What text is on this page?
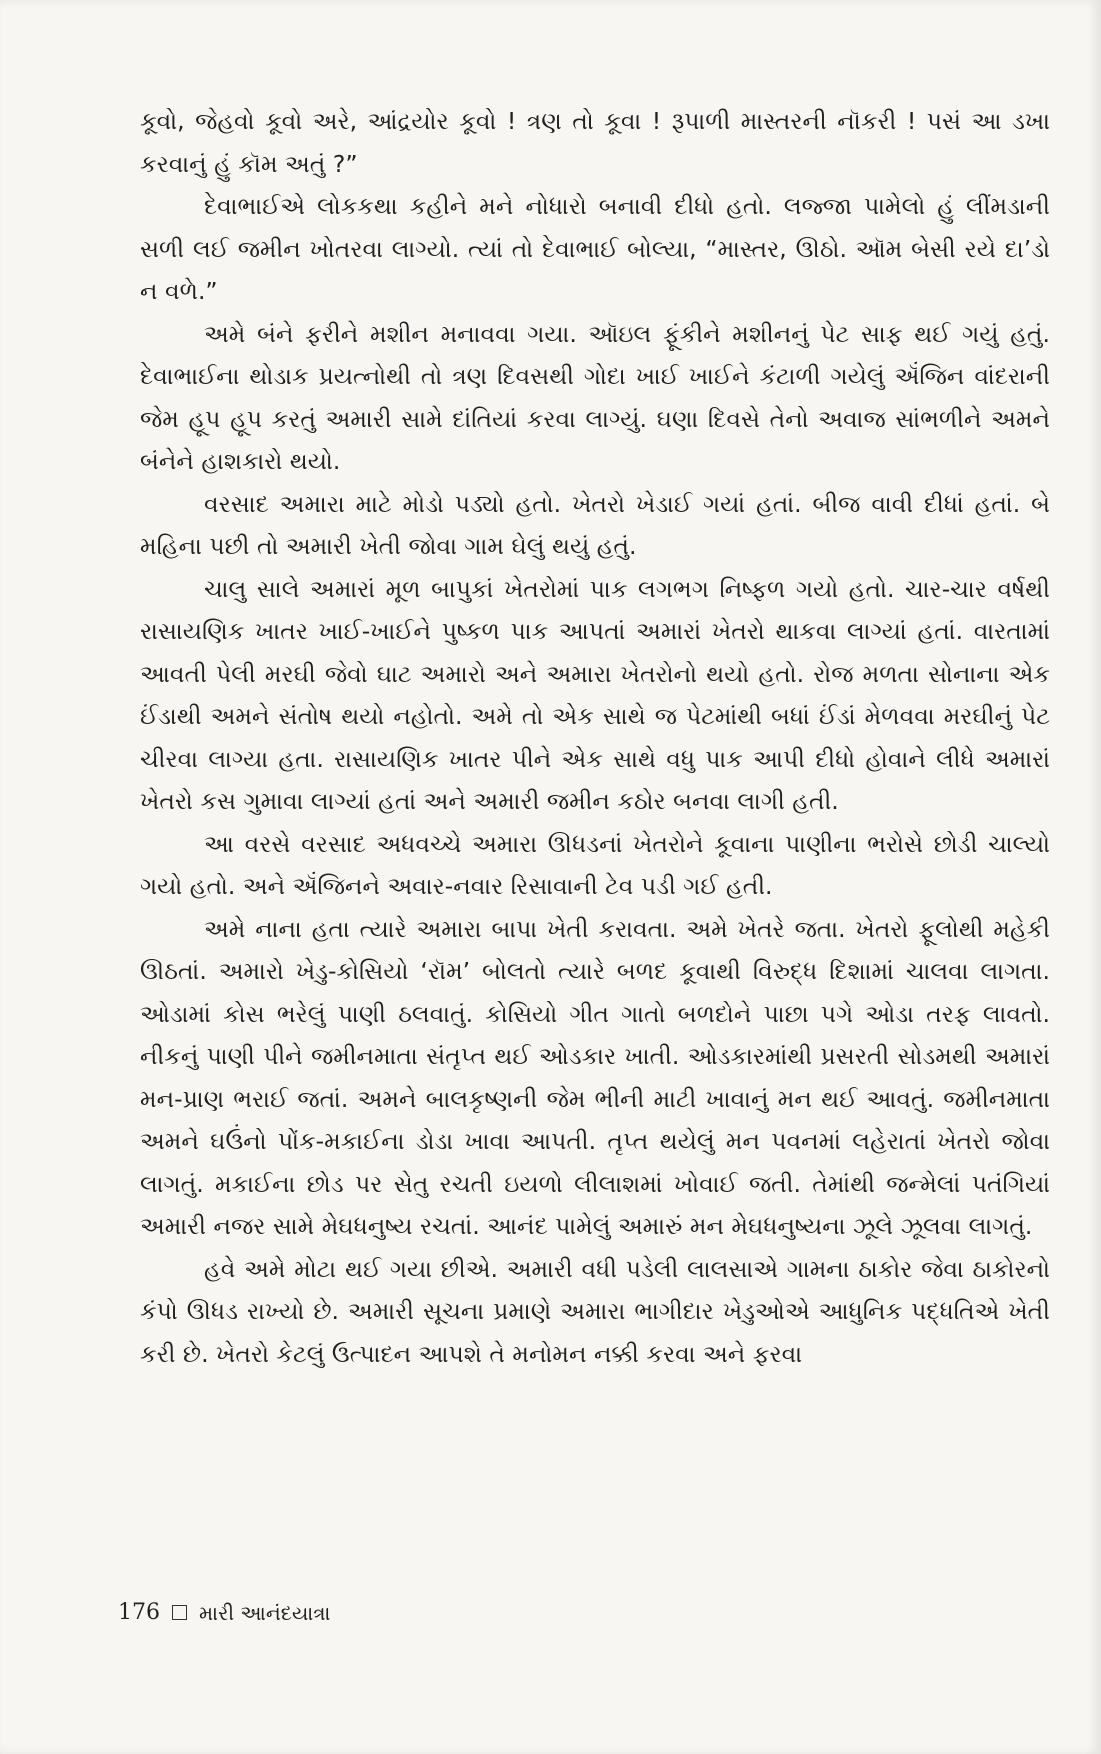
કૂવો, જેહવો કૂવો અરે, આંદ્રયોર કૂવો ! ત્રણ તો કૂવા ! રૂપાળી માસ્તરની નૉકરી ! પસં આ ડખા કરવાનું હું કૉમ અતું ?”

દેવાભાઈએ લોકકથા કહીને મને નોધારો બનાવી દીધો હતો. લજ્જા પામેલો હું લીંમડાની સળી લઈ જમીન ખોતરવા લાગ્યો. ત્યાં તો દેવાભાઈ બોલ્યા, “માસ્તર, ઊઠો. ઑમ બેસી રયે દા’ડો ન વળે.”

અમે બંને ફરીને મશીન મનાવવા ગયા. ઑઇલ ફૂંકીને મશીનનું પેટ સાફ થઈ ગયું હતું. દેવાભાઈના થોડાક પ્રયત્નોથી તો ત્રણ દિવસથી ગોદા ખાઈ ખાઈને કંટાળી ગયેલું ઍંજિન વાંદરાની જેમ હૂપ હૂપ કરતું અમારી સામે દાંતિયાં કરવા લાગ્યું. ઘણા દિવસે તેનો અવાજ સાંભળીને અમને બંનેને હાશકારો થયો.

વરસાદ અમારા માટે મોડો પડ્યો હતો. ખેતરો ખેડાઈ ગયાં હતાં. બીજ વાવી દીધાં હતાં. બે મહિના પછી તો અમારી ખેતી જોવા ગામ ઘેલું થયું હતું.

ચાલુ સાલે અમારાં મૂળ બાપુકાં ખેતરોમાં પાક લગભગ નિષ્ફળ ગયો હતો. ચાર-ચાર વર્ષથી રાસાયણિક ખાતર ખાઈ-ખાઈને પુષ્કળ પાક આપતાં અમારાં ખેતરો થાકવા લાગ્યાં હતાં. વારતામાં આવતી પેલી મરઘી જેવો ઘાટ અમારો અને અમારા ખેતરોનો થયો હતો. રોજ મળતા સોનાના એક ઈંડાથી અમને સંતોષ થયો નહોતો. અમે તો એક સાથે જ પેટમાંથી બધાં ઈંડાં મેળવવા મરઘીનું પેટ ચીરવા લાગ્યા હતા. રાસાયણિક ખાતર પીને એક સાથે વધુ પાક આપી દીધો હોવાને લીધે અમારાં ખેતરો કસ ગુમાવા લાગ્યાં હતાં અને અમારી જમીન કઠોર બનવા લાગી હતી.

આ વરસે વરસાદ અધવચ્ચે અમારા ઊધડનાં ખેતરોને કૂવાના પાણીના ભરોસે છોડી ચાલ્યો ગયો હતો. અને ઍંજિનને અવાર-નવાર રિસાવાની ટેવ પડી ગઈ હતી.

અમે નાના હતા ત્યારે અમારા બાપા ખેતી કરાવતા. અમે ખેતરે જતા. ખેતરો ફૂલોથી મહેકી ઊઠતાં. અમારો ખેડુ-કોસિયો ‘રૉમ’ બોલતો ત્યારે બળદ કૂવાથી વિરુદ્ધ દિશામાં ચાલવા લાગતા. ઓડામાં કોસ ભરેલું પાણી ઠલવાતું. કોસિયો ગીત ગાતો બળદોને પાછા પગે ઓડા તરફ લાવતો. નીકનું પાણી પીને જમીનમાતા સંતૃપ્ત થઈ ઓડકાર ખાતી. ઓડકારમાંથી પ્રસરતી સોડમથી અમારાં મન-પ્રાણ ભરાઈ જતાં. અમને બાલકૃષ્ણની જેમ ભીની માટી ખાવાનું મન થઈ આવતું. જમીનમાતા અમને ઘઉંનો પોંક-મકાઈના ડોડા ખાવા આપતી. તૃપ્ત થયેલું મન પવનમાં લહેરાતાં ખેતરો જોવા લાગતું. મકાઈના છોડ પર સેતુ રચતી ઇયળો લીલાશમાં ખોવાઈ જતી. તેમાંથી જન્મેલાં પતંગિયાં અમારી નજર સામે મેઘધનુષ્ય રચતાં. આનંદ પામેલું અમારું મન મેઘધનુષ્યના ઝૂલે ઝૂલવા લાગતું.

હવે અમે મોટા થઈ ગયા છીએ. અમારી વધી પડેલી લાલસાએ ગામના ઠાકોર જેવા ઠાકોરનો કંપો ઊધડ રાખ્યો છે. અમારી સૂચના પ્રમાણે અમારા ભાગીદાર ખેડુઓએ આધુનિક પદ્ધતિએ ખેતી કરી છે. ખેતરો કેટલું ઉત્પાદન આપશે તે મનોમન નક્કી કરવા અને ફરવા

176 મારી આનંદયાત્રા
